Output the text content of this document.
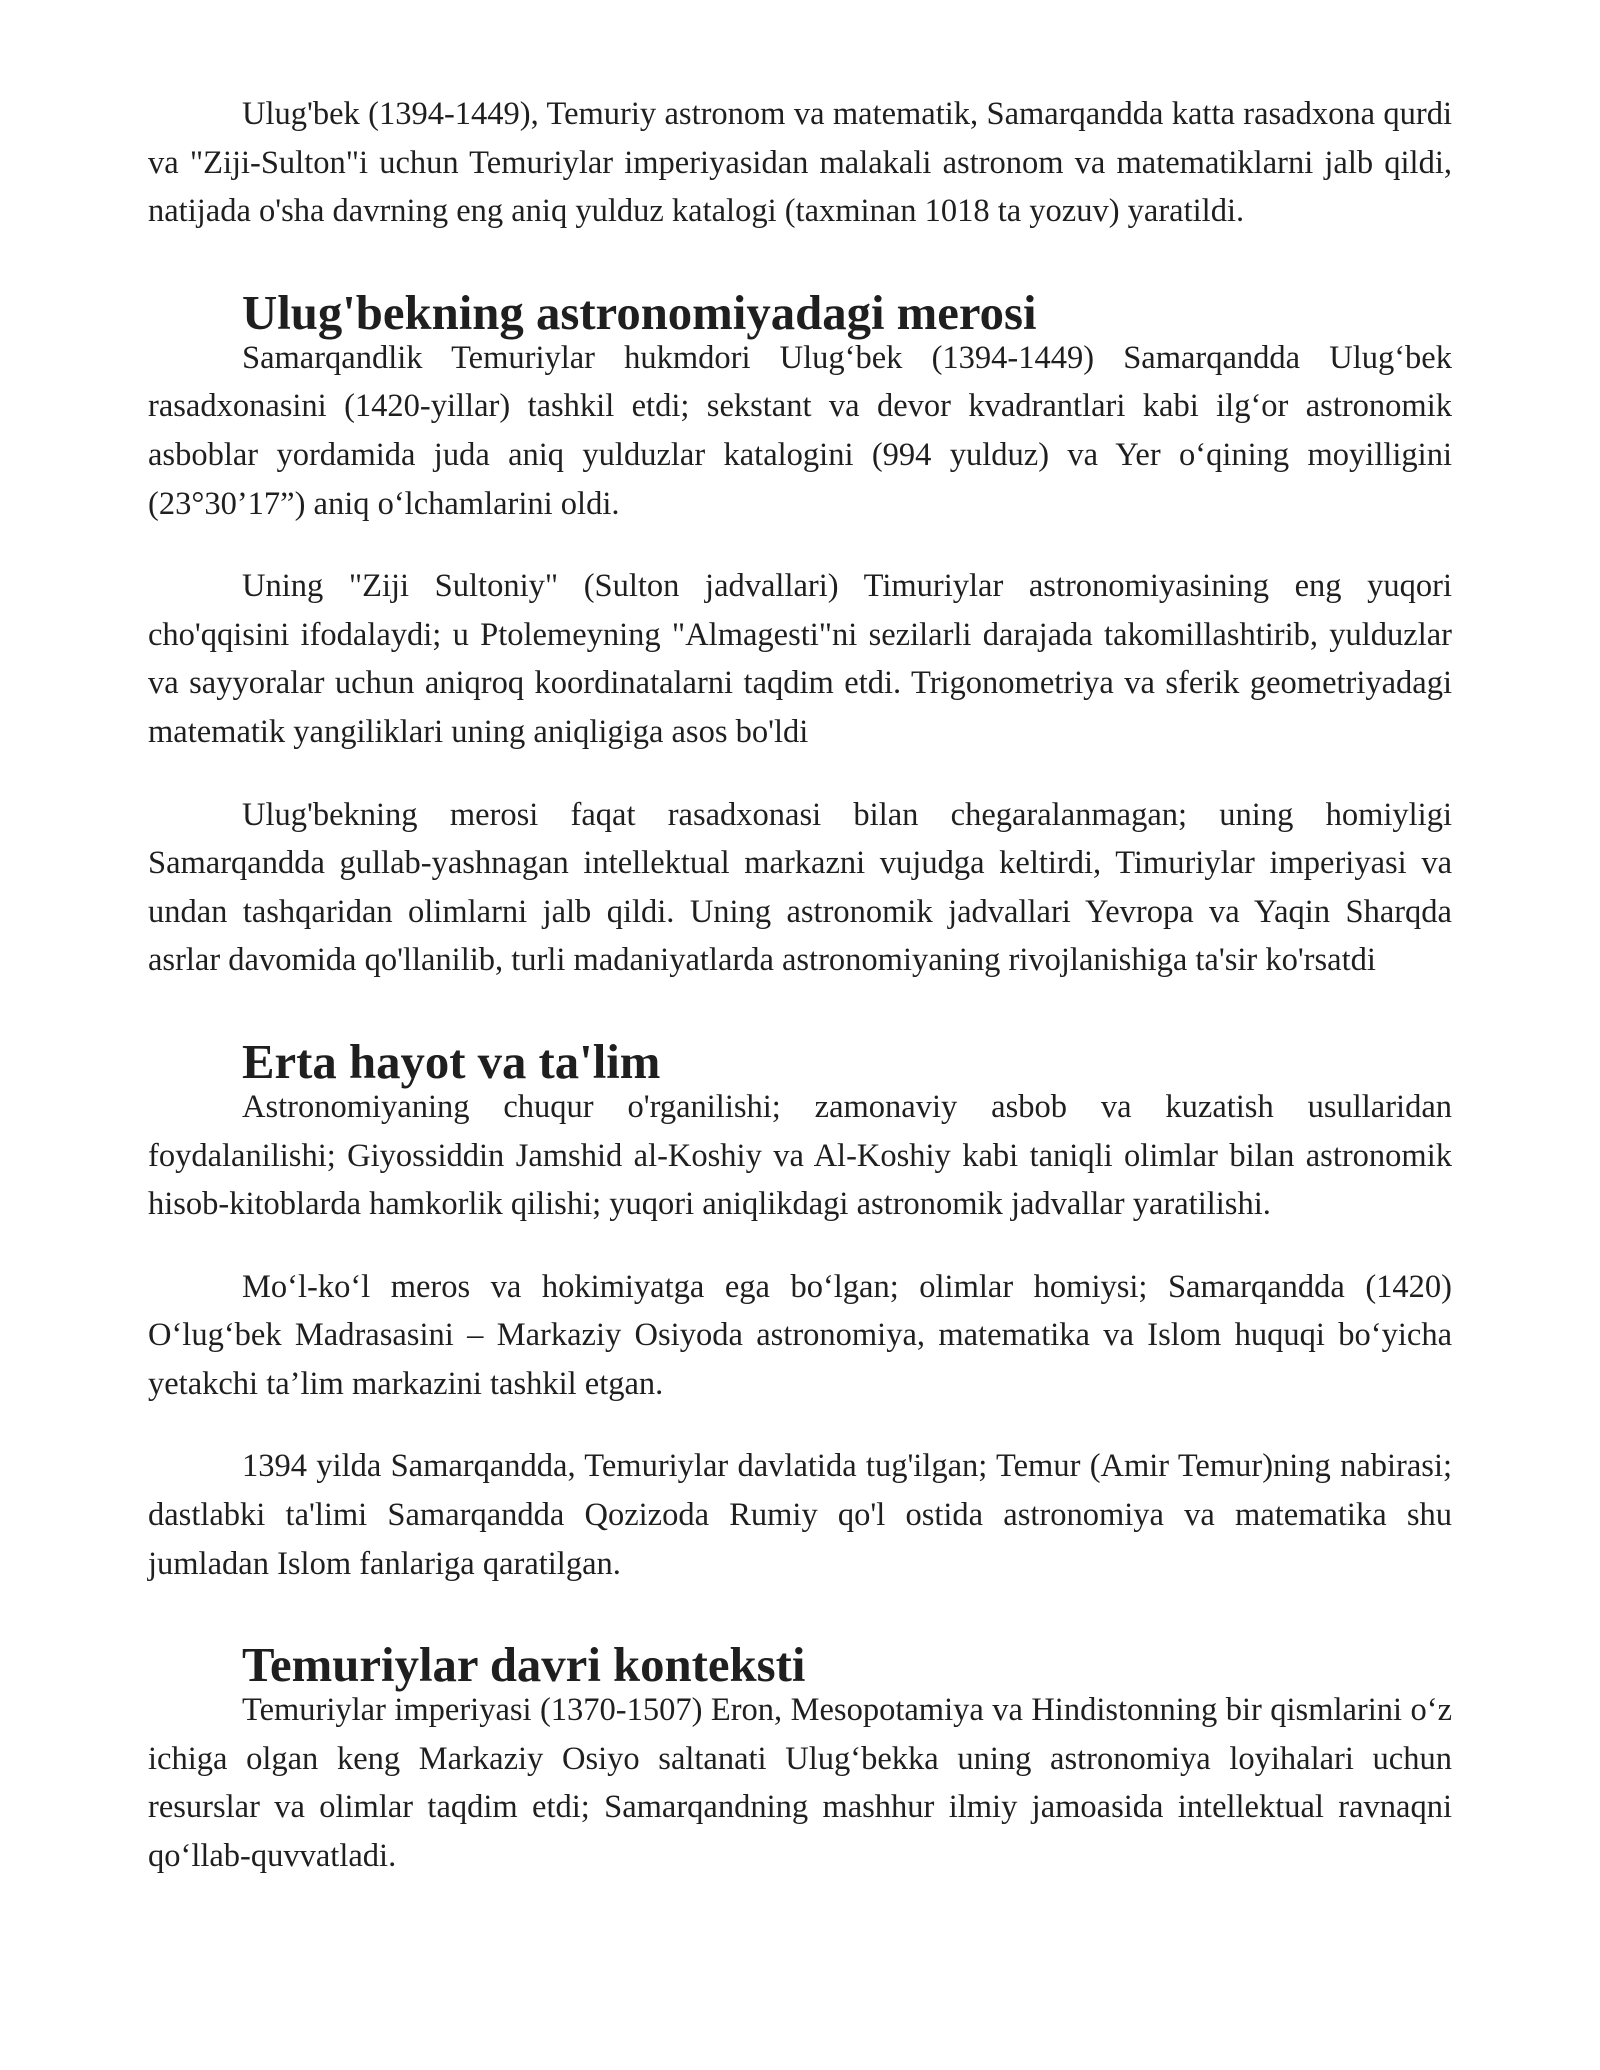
Ulug'bek (1394-1449), Temuriy astronom va matematik, Samarqandda katta rasadxona qurdi va "Ziji-Sulton"i uchun Temuriylar imperiyasidan malakali astronom va matematiklarni jalb qildi, natijada o'sha davrning eng aniq yulduz katalogi (taxminan 1018 ta yozuv) yaratildi.

Ulug'bekning astronomiyadagi merosi

Samarqandlik Temuriylar hukmdori Ulug‘bek (1394-1449) Samarqandda Ulug‘bek rasadxonasini (1420-yillar) tashkil etdi; sekstant va devor kvadrantlari kabi ilg‘or astronomik asboblar yordamida juda aniq yulduzlar katalogini (994 yulduz) va Yer o‘qining moyilligini (23°30’17”) aniq o‘lchamlarini oldi.

Uning "Ziji Sultoniy" (Sulton jadvallari) Timuriylar astronomiyasining eng yuqori cho'qqisini ifodalaydi; u Ptolemeyning "Almagesti"ni sezilarli darajada takomillashtirib, yulduzlar va sayyoralar uchun aniqroq koordinatalarni taqdim etdi. Trigonometriya va sferik geometriyadagi matematik yangiliklari uning aniqligiga asos bo'ldi

Ulug'bekning merosi faqat rasadxonasi bilan chegaralanmagan; uning homiyligi Samarqandda gullab-yashnagan intellektual markazni vujudga keltirdi, Timuriylar imperiyasi va undan tashqaridan olimlarni jalb qildi. Uning astronomik jadvallari Yevropa va Yaqin Sharqda asrlar davomida qo'llanilib, turli madaniyatlarda astronomiyaning rivojlanishiga ta'sir ko'rsatdi

Erta hayot va ta'lim

Astronomiyaning chuqur o'rganilishi; zamonaviy asbob va kuzatish usullaridan foydalanilishi; Giyossiddin Jamshid al-Koshiy va Al-Koshiy kabi taniqli olimlar bilan astronomik hisob-kitoblarda hamkorlik qilishi; yuqori aniqlikdagi astronomik jadvallar yaratilishi.

Mo‘l-ko‘l meros va hokimiyatga ega bo‘lgan; olimlar homiysi; Samarqandda (1420) O‘lug‘bek Madrasasini – Markaziy Osiyoda astronomiya, matematika va Islom huquqi bo‘yicha yetakchi ta’lim markazini tashkil etgan.

1394 yilda Samarqandda, Temuriylar davlatida tug'ilgan; Temur (Amir Temur)ning nabirasi; dastlabki ta'limi Samarqandda Qozizoda Rumiy qo'l ostida astronomiya va matematika shu jumladan Islom fanlariga qaratilgan.

Temuriylar davri konteksti

Temuriylar imperiyasi (1370-1507) Eron, Mesopotamiya va Hindistonning bir qismlarini o‘z ichiga olgan keng Markaziy Osiyo saltanati Ulug‘bekka uning astronomiya loyihalari uchun resurslar va olimlar taqdim etdi; Samarqandning mashhur ilmiy jamoasida intellektual ravnaqni qo‘llab-quvvatladi.
